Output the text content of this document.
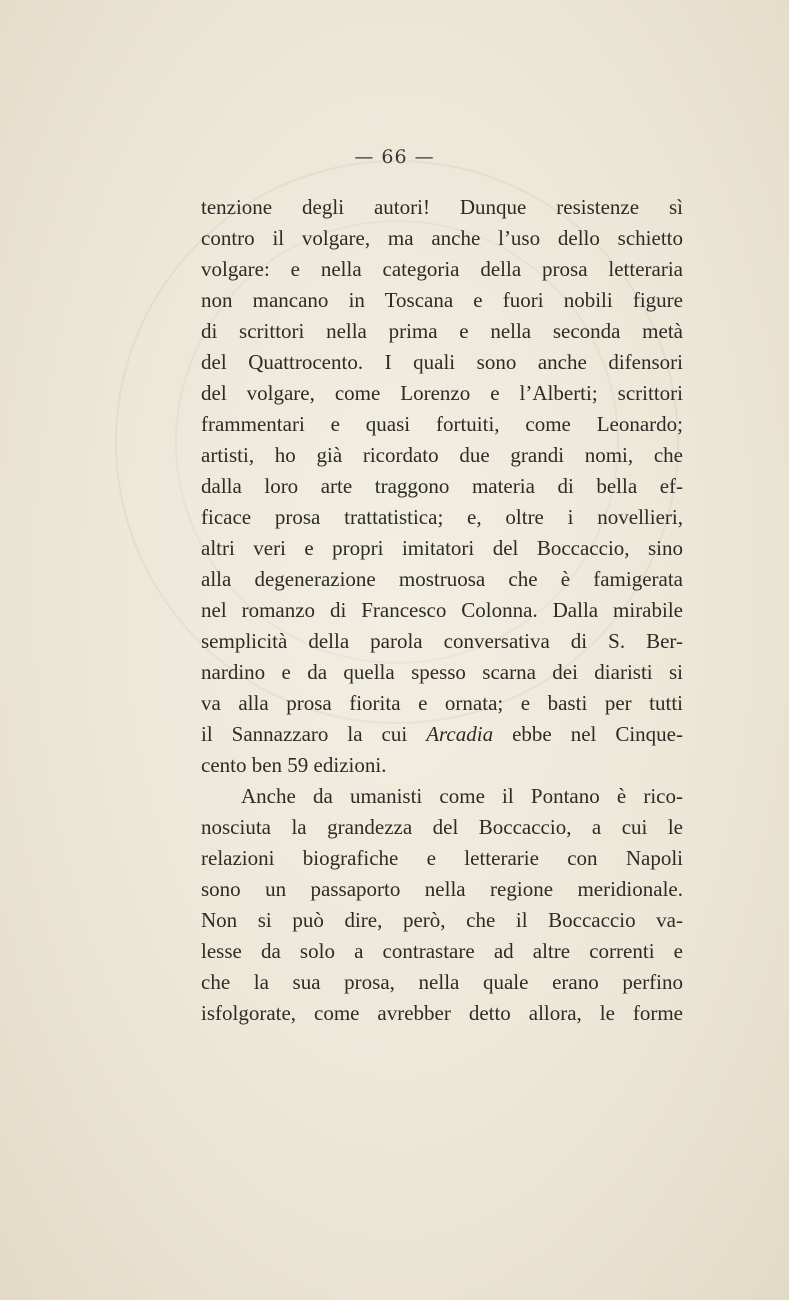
— 66 —
tenzione degli autori! Dunque resistenze sì
contro il volgare, ma anche l’uso dello schietto
volgare: e nella categoria della prosa letteraria
non mancano in Toscana e fuori nobili figure
di scrittori nella prima e nella seconda metà
del Quattrocento. I quali sono anche difensori
del volgare, come Lorenzo e l’Alberti; scrittori
frammentari e quasi fortuiti, come Leonardo;
artisti, ho già ricordato due grandi nomi, che
dalla loro arte traggono materia di bella ef-
ficace prosa trattatistica; e, oltre i novellieri,
altri veri e propri imitatori del Boccaccio, sino
alla degenerazione mostruosa che è famigerata
nel romanzo di Francesco Colonna. Dalla mirabile
semplicità della parola conversativa di S. Ber-
nardino e da quella spesso scarna dei diaristi si
va alla prosa fiorita e ornata; e basti per tutti
il Sannazzaro la cui Arcadia ebbe nel Cinque-
cento ben 59 edizioni.
Anche da umanisti come il Pontano è rico-
nosciuta la grandezza del Boccaccio, a cui le
relazioni biografiche e letterarie con Napoli
sono un passaporto nella regione meridionale.
Non si può dire, però, che il Boccaccio va-
lesse da solo a contrastare ad altre correnti e
che la sua prosa, nella quale erano perfino
isfolgorate, come avrebber detto allora, le forme
